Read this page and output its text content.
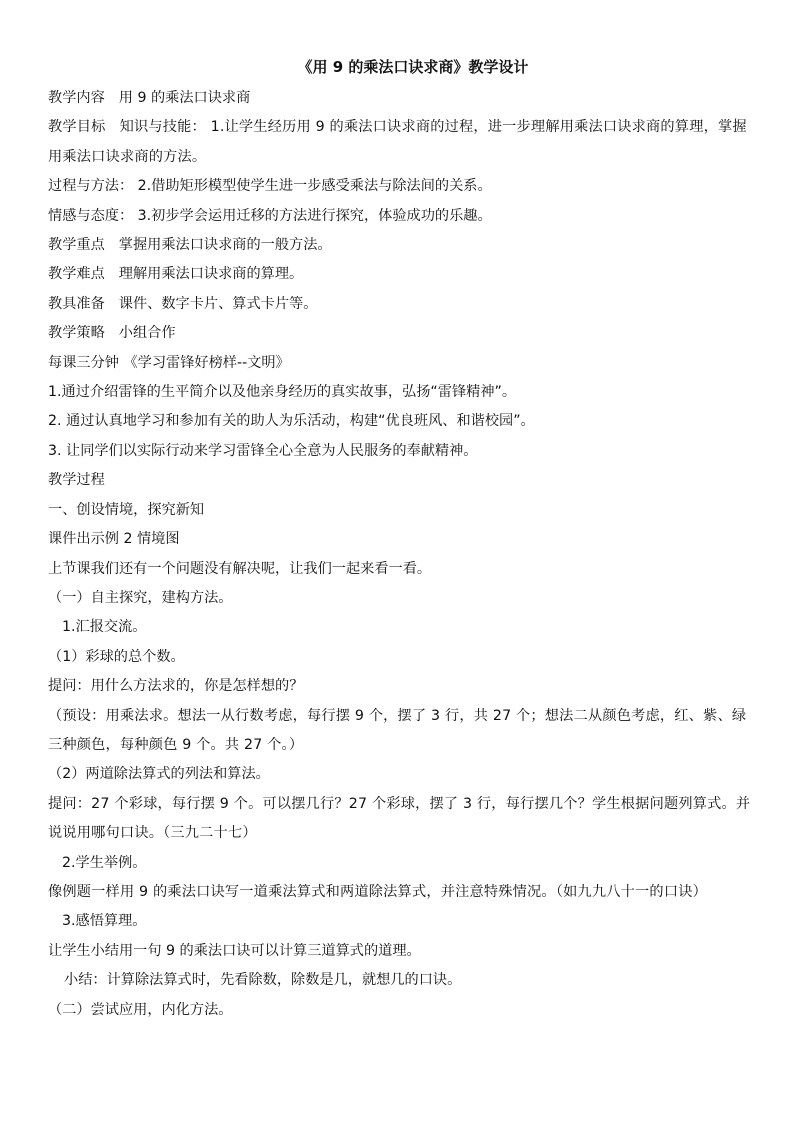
《用 9 的乘法口诀求商》教学设计
教学内容 用 9 的乘法口诀求商
教学目标 知识与技能： 1.让学生经历用 9 的乘法口诀求商的过程，进一步理解用乘法口诀求商的算理，掌握用乘法口诀求商的方法。
过程与方法： 2.借助矩形模型使学生进一步感受乘法与除法间的关系。
情感与态度： 3.初步学会运用迁移的方法进行探究，体验成功的乐趣。
教学重点 掌握用乘法口诀求商的一般方法。
教学难点 理解用乘法口诀求商的算理。
教具准备 课件、数字卡片、算式卡片等。
教学策略 小组合作
每课三分钟 《学习雷锋好榜样--文明》
1.通过介绍雷锋的生平简介以及他亲身经历的真实故事，弘扬“雷锋精神”。
2. 通过认真地学习和参加有关的助人为乐活动，构建“优良班风、和谐校园”。
3. 让同学们以实际行动来学习雷锋全心全意为人民服务的奉献精神。
教学过程
一、创设情境，探究新知
课件出示例 2 情境图
上节课我们还有一个问题没有解决呢，让我们一起来看一看。
（一）自主探究，建构方法。
1.汇报交流。
（1）彩球的总个数。
提问：用什么方法求的，你是怎样想的？
（预设：用乘法求。想法一从行数考虑，每行摆 9 个，摆了 3 行，共 27 个；想法二从颜色考虑，红、紫、绿三种颜色，每种颜色 9 个。共 27 个。）
（2）两道除法算式的列法和算法。
提问：27 个彩球，每行摆 9 个。可以摆几行？27 个彩球，摆了 3 行，每行摆几个？学生根据问题列算式。并说说用哪句口诀。（三九二十七）
2.学生举例。
像例题一样用 9 的乘法口诀写一道乘法算式和两道除法算式，并注意特殊情况。（如九九八十一的口诀）
3.感悟算理。
让学生小结用一句 9 的乘法口诀可以计算三道算式的道理。
小结：计算除法算式时，先看除数，除数是几，就想几的口诀。
（二）尝试应用，内化方法。
